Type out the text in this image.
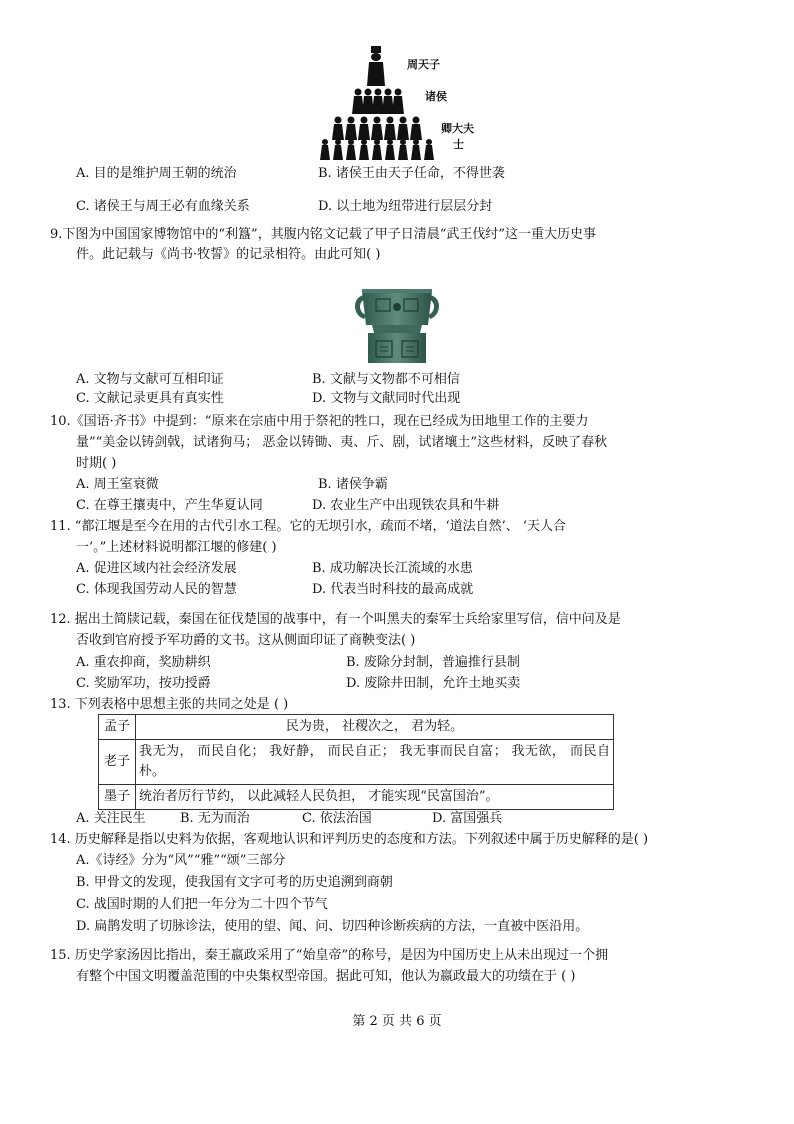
周天子
诸侯
卿大夫
士
A. 目的是维护周王朝的统治	B. 诸侯王由天子任命，不得世袭
C. 诸侯王与周王必有血缘关系	D. 以土地为纽带进行层层分封
9.下图为中国国家博物馆中的“利簋”，其腹内铭文记载了甲子日清晨“武王伐纣”这一重大历史事
件。此记载与《尚书·牧誓》的记录相符。由此可知( )
A. 文物与文献可互相印证	B. 文献与文物都不可相信
C. 文献记录更具有真实性	D. 文物与文献同时代出现
10.《国语·齐书》中提到：“原来在宗庙中用于祭祀的牲口，现在已经成为田地里工作的主要力
量”“美金以铸剑戟，试诸狗马； 恶金以铸锄、夷、斤、剧，试诸壤土”这些材料，反映了春秋
时期( )
A. 周王室衰微	B. 诸侯争霸
C. 在尊王攘夷中，产生华夏认同	D. 农业生产中出现铁农具和牛耕
11. “都江堰是至今在用的古代引水工程。它的无坝引水，疏而不堵，‘道法自然’、 ‘天人合
一’。”上述材料说明都江堰的修建( )
A. 促进区域内社会经济发展	B. 成功解决长江流域的水患
C. 体现我国劳动人民的智慧	D. 代表当时科技的最高成就
12. 据出土简牍记载，秦国在征伐楚国的战事中，有一个叫黑夫的秦军士兵给家里写信，信中问及是
否收到官府授予军功爵的文书。这从侧面印证了商鞅变法( )
A. 重农抑商，奖励耕织	B. 废除分封制，普遍推行县制
C. 奖励军功，按功授爵	D. 废除井田制，允许土地买卖
13. 下列表格中思想主张的共同之处是 ( )
孟子	民为贵， 社稷次之， 君为轻。
老子	我无为， 而民自化； 我好静， 而民自正； 我无事而民自富； 我无欲， 而民自朴。
墨子	统治者厉行节约， 以此减轻人民负担， 才能实现“民富国治”。
A. 关注民生	B. 无为而治	C. 依法治国	D. 富国强兵
14. 历史解释是指以史料为依据，客观地认识和评判历史的态度和方法。下列叙述中属于历史解释的是( )
A.《诗经》分为“风”“雅”“颂”三部分
B. 甲骨文的发现，使我国有文字可考的历史追溯到商朝
C. 战国时期的人们把一年分为二十四个节气
D. 扁鹊发明了切脉诊法，使用的望、闻、问、切四种诊断疾病的方法，一直被中医沿用。
15. 历史学家汤因比指出，秦王嬴政采用了“始皇帝”的称号，是因为中国历史上从未出现过一个拥
有整个中国文明覆盖范围的中央集权型帝国。据此可知，他认为嬴政最大的功绩在于 ( )
第 2 页 共 6 页
